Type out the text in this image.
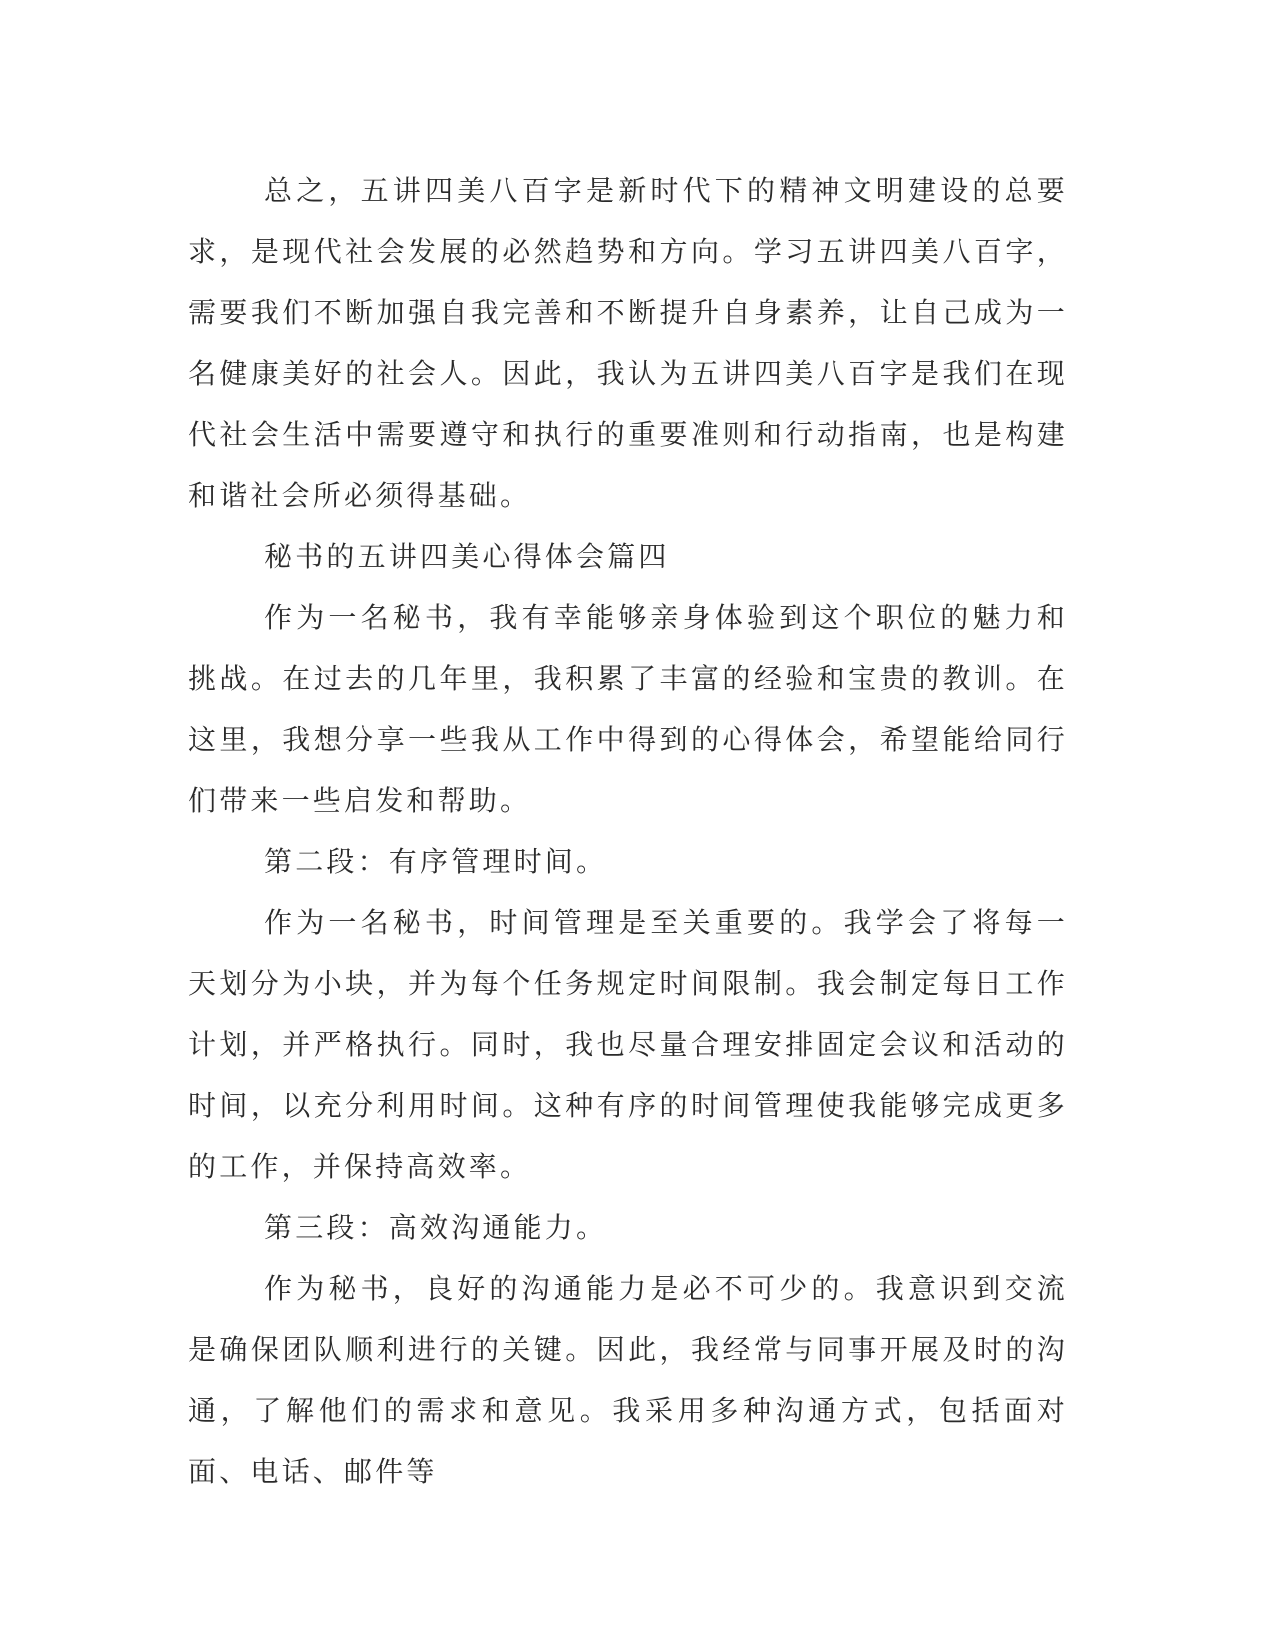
总之，五讲四美八百字是新时代下的精神文明建设的总要求，是现代社会发展的必然趋势和方向。学习五讲四美八百字，需要我们不断加强自我完善和不断提升自身素养，让自己成为一名健康美好的社会人。因此，我认为五讲四美八百字是我们在现代社会生活中需要遵守和执行的重要准则和行动指南，也是构建和谐社会所必须得基础。

秘书的五讲四美心得体会篇四

作为一名秘书，我有幸能够亲身体验到这个职位的魅力和挑战。在过去的几年里，我积累了丰富的经验和宝贵的教训。在这里，我想分享一些我从工作中得到的心得体会，希望能给同行们带来一些启发和帮助。

第二段：有序管理时间。

作为一名秘书，时间管理是至关重要的。我学会了将每一天划分为小块，并为每个任务规定时间限制。我会制定每日工作计划，并严格执行。同时，我也尽量合理安排固定会议和活动的时间，以充分利用时间。这种有序的时间管理使我能够完成更多的工作，并保持高效率。

第三段：高效沟通能力。

作为秘书，良好的沟通能力是必不可少的。我意识到交流是确保团队顺利进行的关键。因此，我经常与同事开展及时的沟通，了解他们的需求和意见。我采用多种沟通方式，包括面对面、电话、邮件等
